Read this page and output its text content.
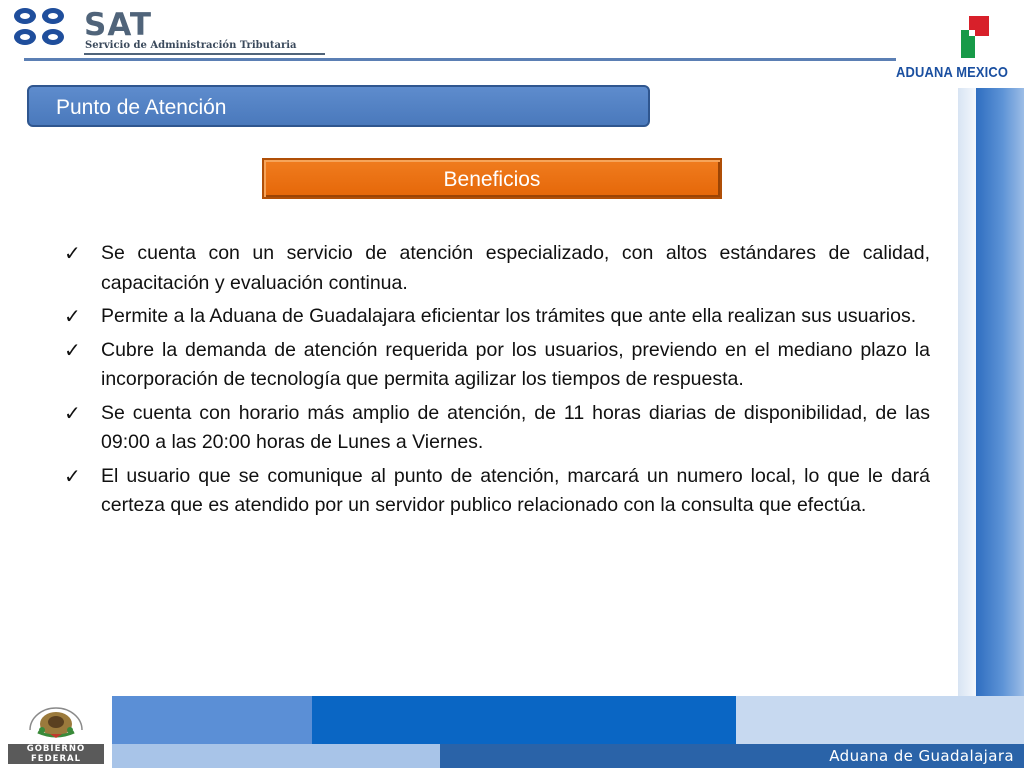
SAT
Servicio de Administración Tributaria
ADUANA MEXICO
Punto de Atención
Beneficios
✓ Se cuenta con un servicio de atención especializado, con altos estándares de calidad, capacitación y evaluación continua.
✓ Permite a la Aduana de Guadalajara eficientar los trámites que ante ella realizan sus usuarios.
✓ Cubre la demanda de atención requerida por los usuarios, previendo en el mediano plazo la incorporación de tecnología que permita agilizar los tiempos de respuesta.
✓ Se cuenta con horario más amplio de atención, de 11 horas diarias de disponibilidad, de las 09:00 a las 20:00 horas de Lunes a Viernes.
✓ El usuario que se comunique al punto de atención, marcará un numero local, lo que le dará certeza que es atendido por un servidor publico relacionado con la consulta que efectúa.
GOBIERNO
FEDERAL	Aduana de Guadalajara
